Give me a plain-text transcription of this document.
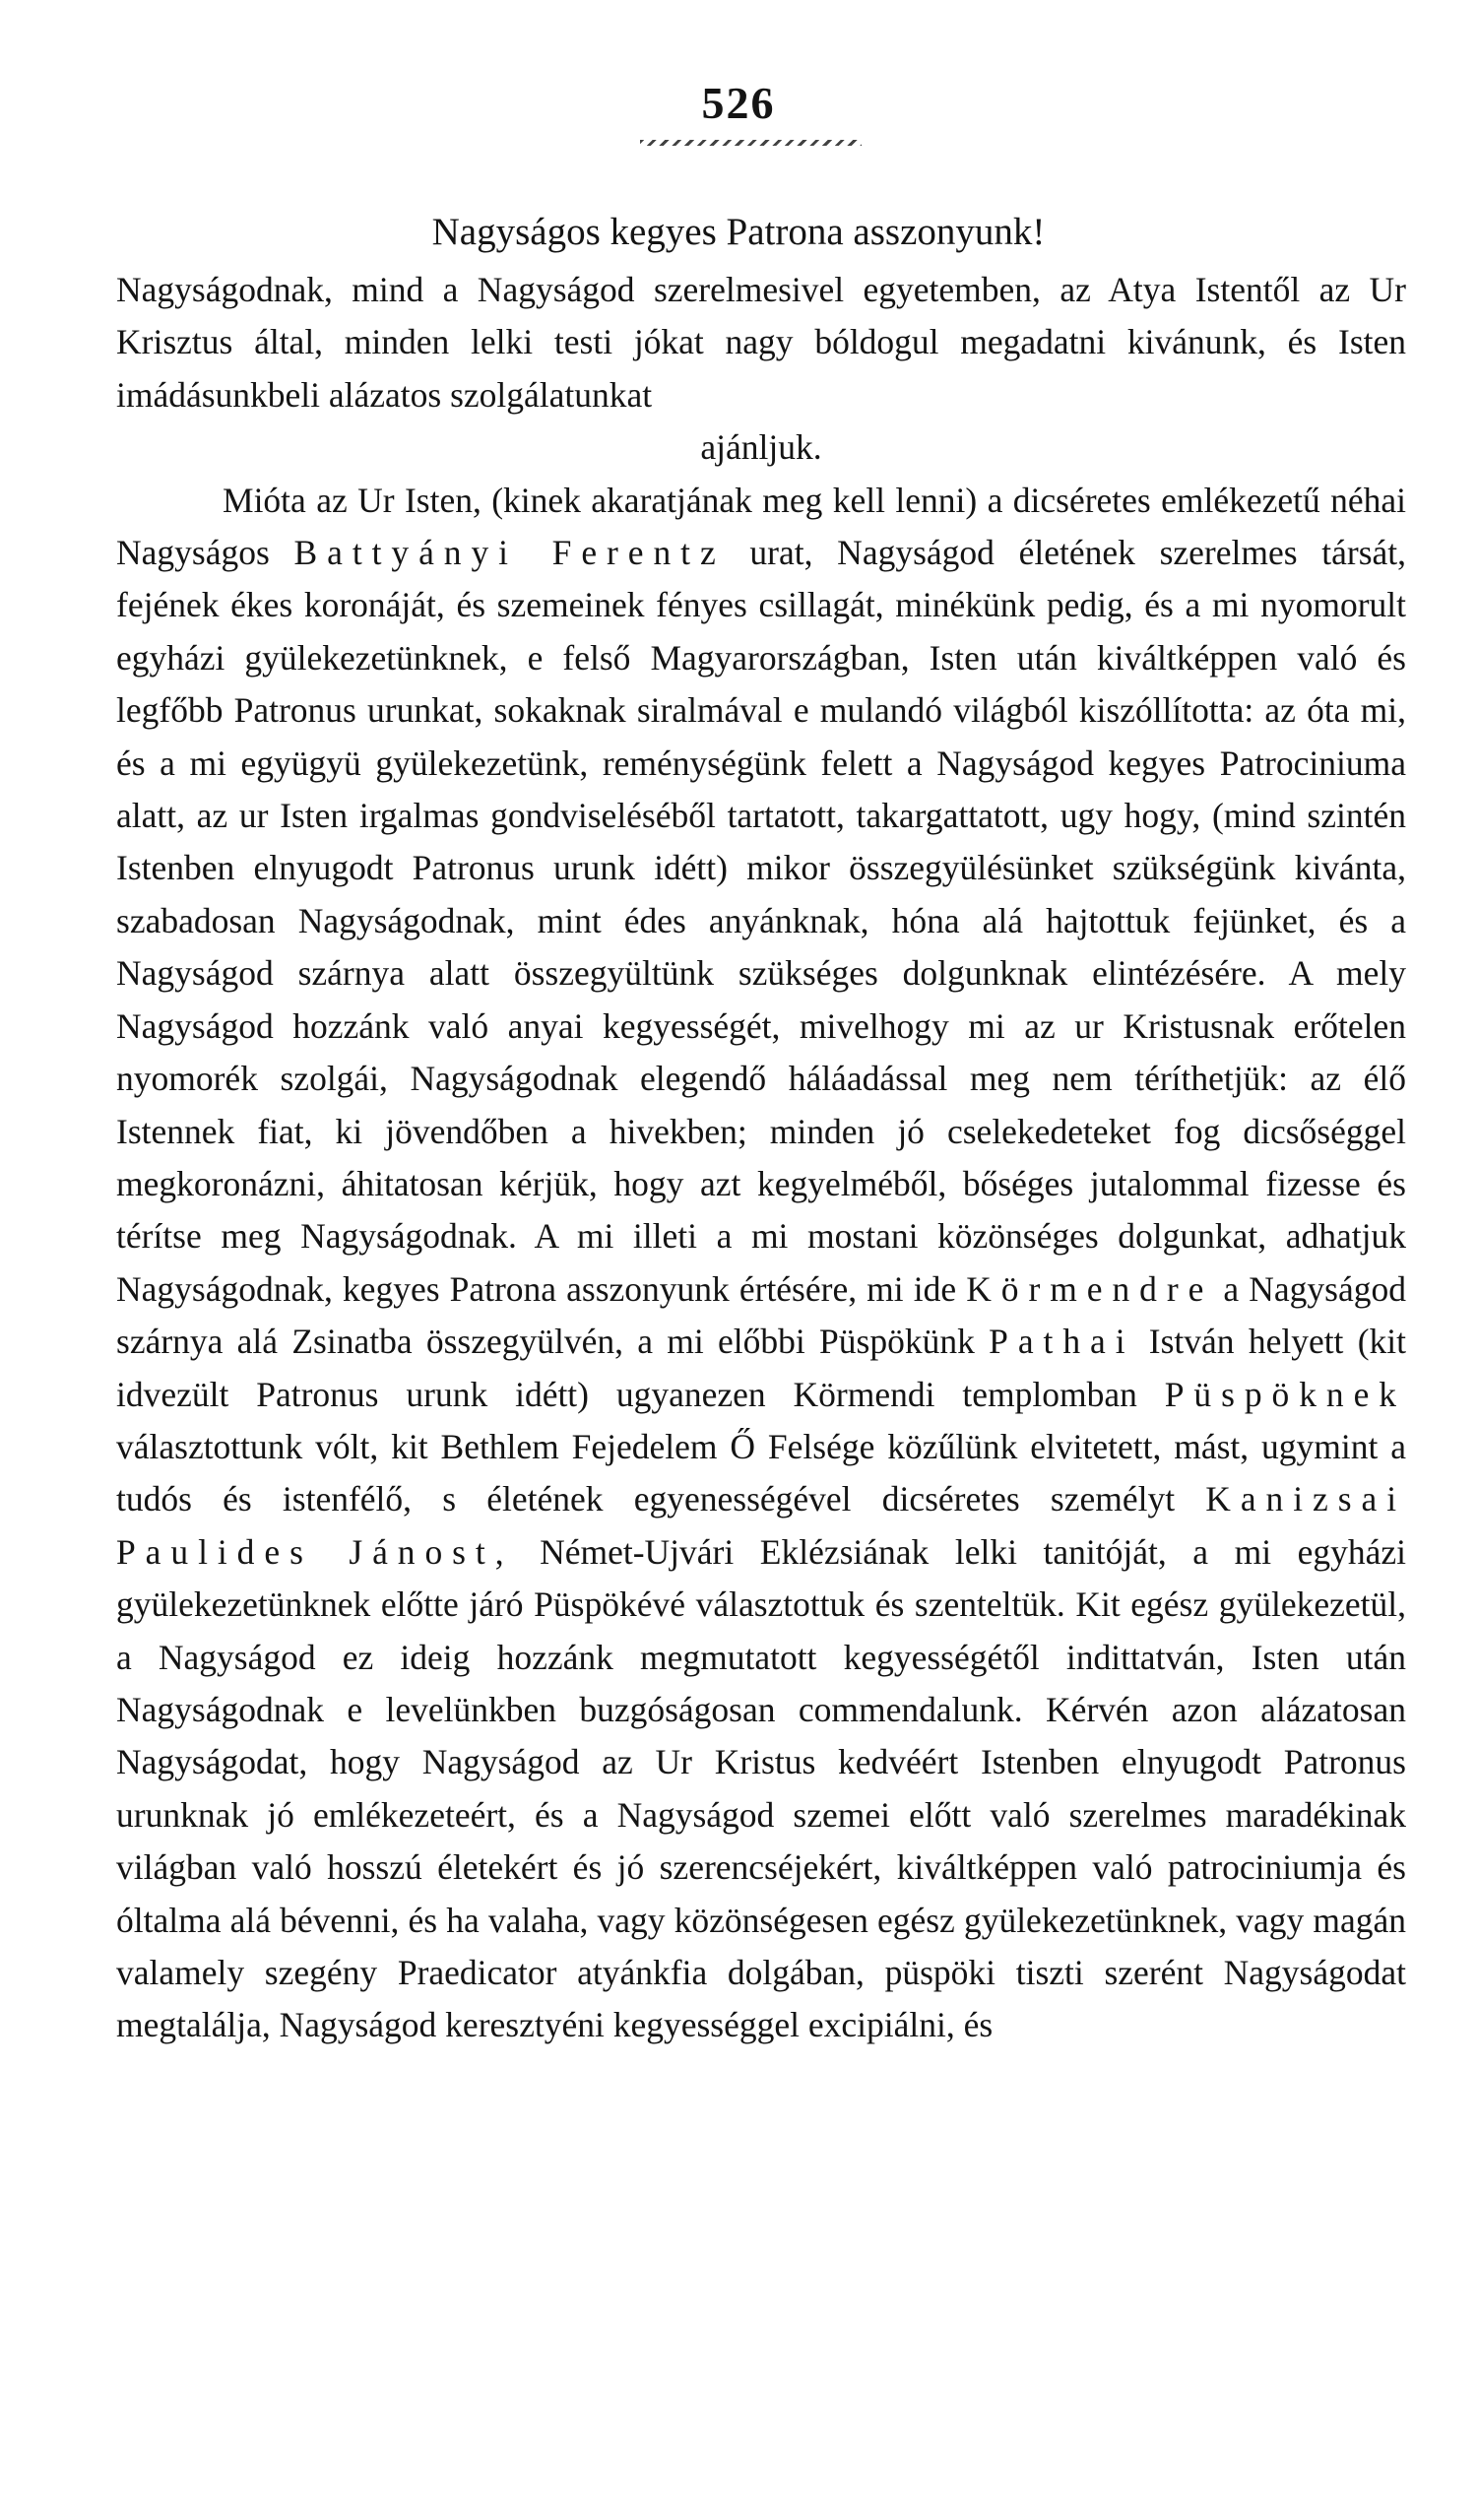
526
Nagyságos kegyes Patrona asszonyunk!

Nagyságodnak, mind a Nagyságod szerelmesivel egyetemben, az Atya Istentől az Ur Krisztus által, minden lelki testi jókat nagy bóldogul megadatni kivánunk, és Isten imádásunkbeli alázatos szolgálatunkat
ajánljuk.

Mióta az Ur Isten, (kinek akaratjának meg kell lenni) a dicséretes emlékezetű néhai Nagyságos Battyányi Ferentz urat, Nagyságod életének szerelmes társát, fejének ékes koronáját, és szemeinek fényes csillagát, minékünk pedig, és a mi nyomorult egyházi gyülekezetünknek, e felső Magyarországban, Isten után kiváltképpen való és legfőbb Patronus urunkat, sokaknak siralmával e mulandó világból kiszóllította: az óta mi, és a mi együgyü gyülekezetünk, reménységünk felett a Nagyságod kegyes Patrociniuma alatt, az ur Isten irgalmas gondviseléséből tartatott, takargattatott, ugy hogy, (mind szintén Istenben elnyugodt Patronus urunk idétt) mikor összegyülésünket szükségünk kivánta, szabadosan Nagyságodnak, mint édes anyánknak, hóna alá hajtottuk fejünket, és a Nagyságod szárnya alatt összegyültünk szükséges dolgunknak elintézésére. A mely Nagyságod hozzánk való anyai kegyességét, mivelhogy mi az ur Kristusnak erőtelen nyomorék szolgái, Nagyságodnak elegendő háláadással meg nem téríthetjük: az élő Istennek fiat, ki jövendőben a hivekben; minden jó cselekedeteket fog dicsőséggel megkoronázni, áhitatosan kérjük, hogy azt kegyelméből, bőséges jutalommal fizesse és térítse meg Nagyságodnak. A mi illeti a mi mostani közönséges dolgunkat, adhatjuk Nagyságodnak, kegyes Patrona asszonyunk értésére, mi ide Körmendre a Nagyságod szárnya alá Zsinatba összegyülvén, a mi előbbi Püspökünk Pathai István helyett (kit idvezült Patronus urunk idétt) ugyanezen Körmendi templomban Püspöknek választottunk vólt, kit Bethlem Fejedelem Ő Felsége közűlünk elvitetett, mást, ugymint a tudós és istenfélő, s életének egyenességével dicséretes személyt Kanizsai Paulides Jánost, Német-Ujvári Eklézsiának lelki tanitóját, a mi egyházi gyülekezetünknek előtte járó Püspökévé választottuk és szenteltük. Kit egész gyülekezetül, a Nagyságod ez ideig hozzánk megmutatott kegyességétől indittatván, Isten után Nagyságodnak e levelünkben buzgóságosan commendalunk. Kérvén azon alázatosan Nagyságodat, hogy Nagyságod az Ur Kristus kedvéért Istenben elnyugodt Patronus urunknak jó emlékezeteért, és a Nagyságod szemei előtt való szerelmes maradékinak világban való hosszú életekért és jó szerencséjekért, kiváltképpen való patrociniumja és óltalma alá bévenni, és ha valaha, vagy közönségesen egész gyülekezetünknek, vagy magán valamely szegény Praedicator atyánkfia dolgában, püspöki tiszti szerént Nagyságodat megtalálja, Nagyságod keresztyéni kegyességgel excipiálni, és
